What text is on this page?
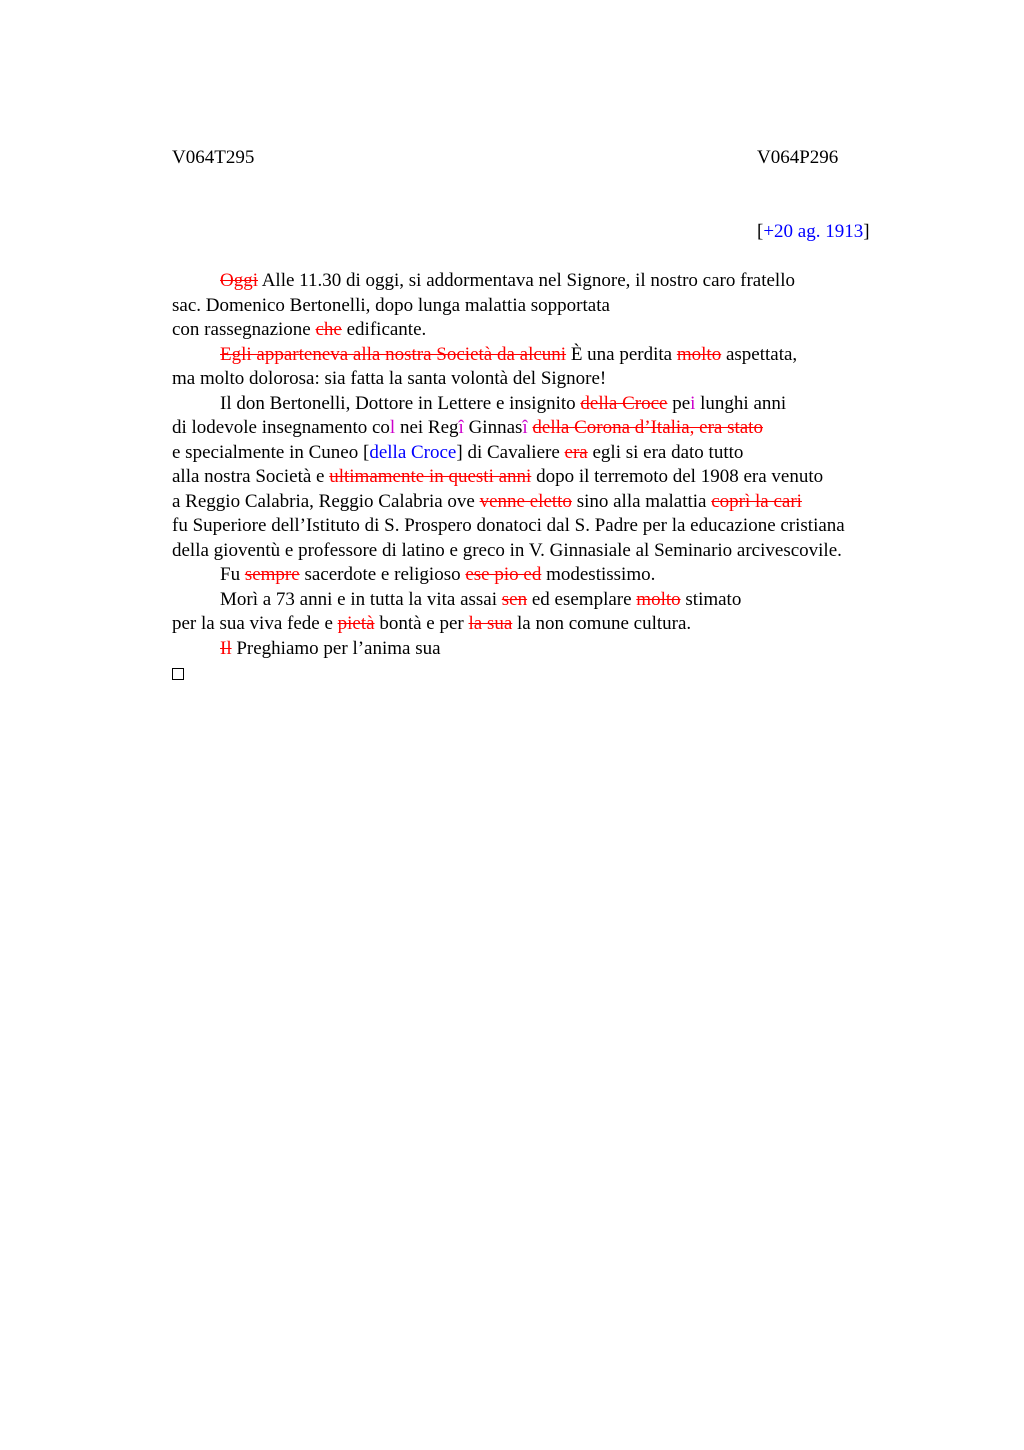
V064T295	V064P296
[+20 ag. 1913]
Oggi Alle 11.30 di oggi, si addormentava nel Signore, il nostro caro fratello
sac. Domenico Bertonelli, dopo lunga malattia sopportata
con rassegnazione che edificante.
Egli apparteneva alla nostra Società da alcuni È una perdita molto aspettata,
ma molto dolorosa: sia fatta la santa volontà del Signore!
Il don Bertonelli, Dottore in Lettere e insignito della Croce pei lunghi anni
di lodevole insegnamento col nei Regî Ginnasî della Corona d’Italia, era stato
e specialmente in Cuneo [della Croce] di Cavaliere era egli si era dato tutto
alla nostra Società e ultimamente in questi anni dopo il terremoto del 1908 era venuto
a Reggio Calabria, Reggio Calabria ove venne eletto sino alla malattia coprì la cari
fu Superiore dell’Istituto di S. Prospero donatoci dal S. Padre per la educazione cristiana
della gioventù e professore di latino e greco in V. Ginnasiale al Seminario arcivescovile.
Fu sempre sacerdote e religioso ese pio ed modestissimo.
Morì a 73 anni e in tutta la vita assai sen ed esemplare molto stimato
per la sua viva fede e pietà bontà e per la sua la non comune cultura.
Il Preghiamo per l’anima sua
